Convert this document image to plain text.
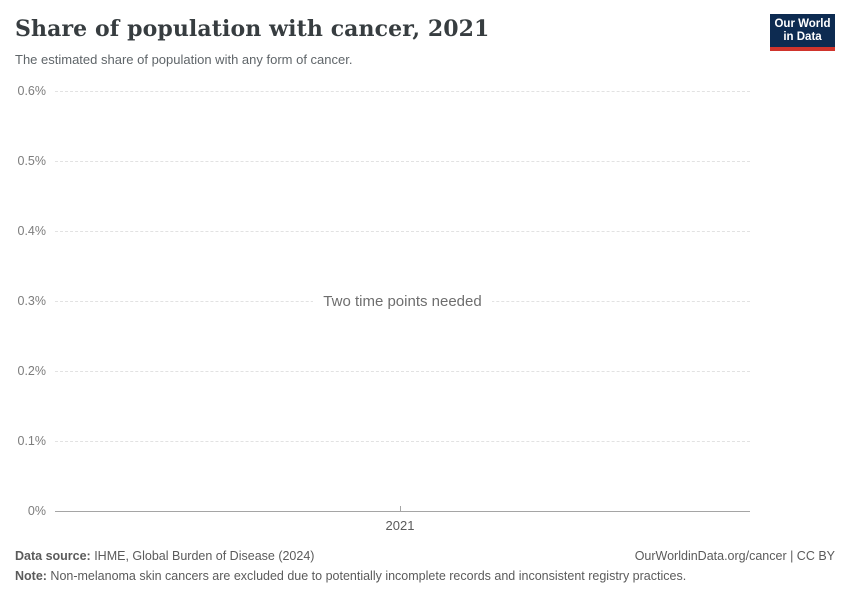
Share of population with cancer, 2021
The estimated share of population with any form of cancer.
Our World
in Data
0.6%
0.5%
0.4%
0.3%
0.2%
0.1%
0%
2021
Two time points needed
Data source: IHME, Global Burden of Disease (2024)	OurWorldinData.org/cancer | CC BY
Note: Non-melanoma skin cancers are excluded due to potentially incomplete records and inconsistent registry practices.
